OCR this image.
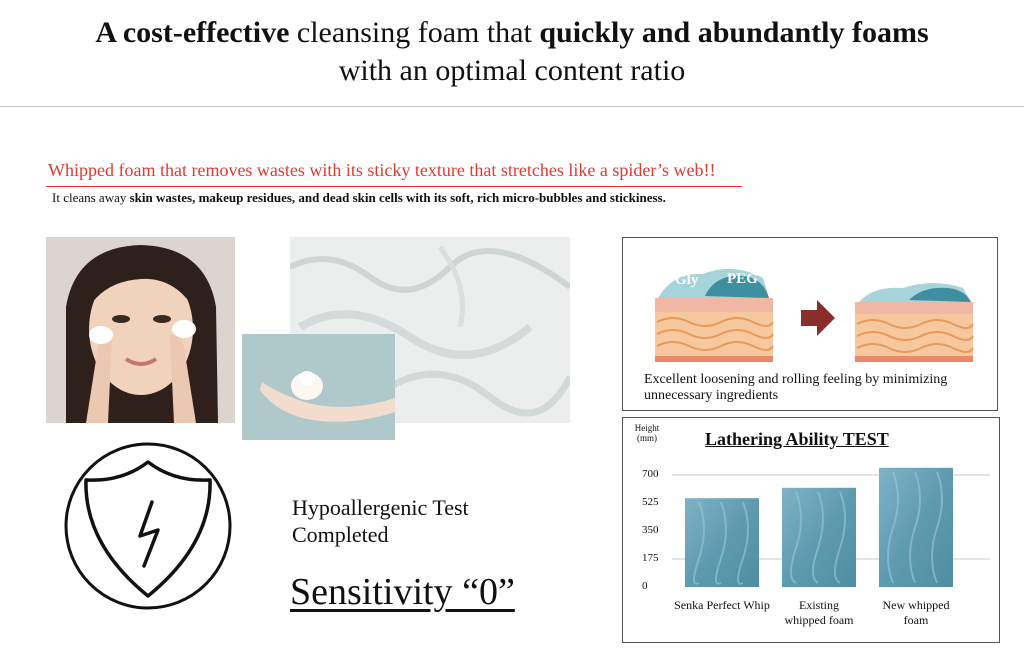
A cost-effective cleansing foam that quickly and abundantly foams
with an optimal content ratio
Whipped foam that removes wastes with its sticky texture that stretches like a spider’s web!!
It cleans away skin wastes, makeup residues, and dead skin cells with its soft, rich micro-bubbles and stickiness.
Hypoallergenic Test
Completed
Sensitivity “0”
PEG
Gly PEG
Excellent loosening and rolling feeling by minimizing unnecessary ingredients
Height
(mm)	Lathering Ability TEST
700
525
350
175
0
Senka Perfect Whip	Existing
whipped foam
New whipped
foam
